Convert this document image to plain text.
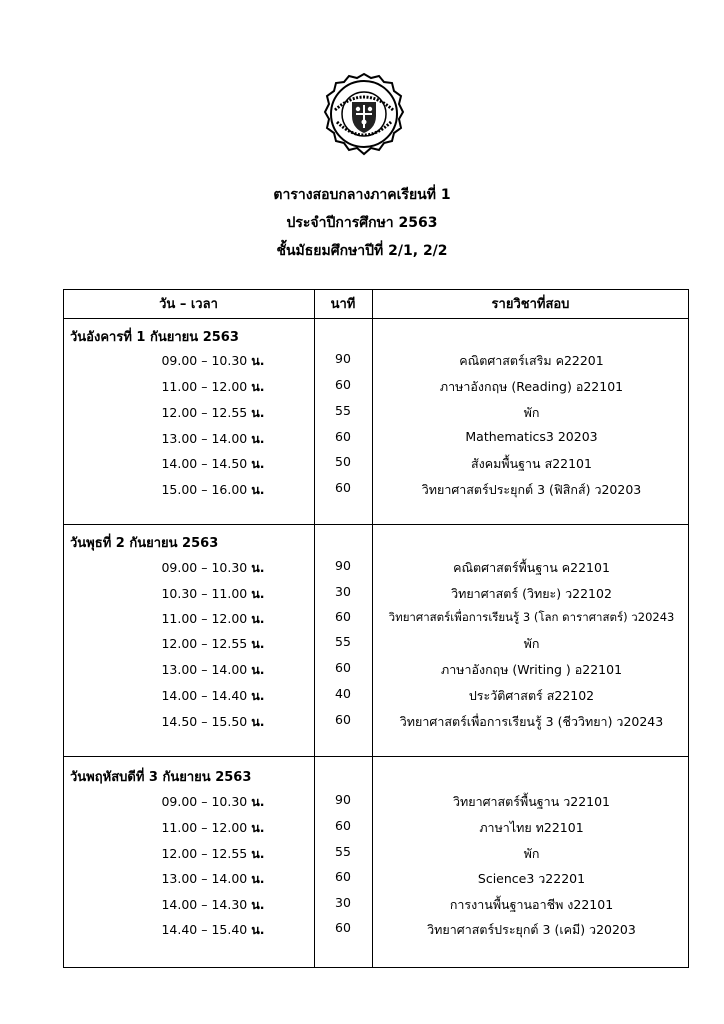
ตารางสอบกลางภาคเรียนที่ 1
ประจำปีการศึกษา 2563
ชั้นมัธยมศึกษาปีที่ 2/1, 2/2
วัน – เวลา	นาที	รายวิชาที่สอบ
วันอังคารที่ 1 กันยายน 2563
09.00 – 10.30 น.	90	คณิตศาสตร์เสริม ค22201
11.00 – 12.00 น.	60	ภาษาอังกฤษ (Reading) อ22101
12.00 – 12.55 น.	55	พัก
13.00 – 14.00 น.	60	Mathematics3 20203
14.00 – 14.50 น.	50	สังคมพื้นฐาน ส22101
15.00 – 16.00 น.	60	วิทยาศาสตร์ประยุกต์ 3 (ฟิสิกส์) ว20203
วันพุธที่ 2 กันยายน 2563
09.00 – 10.30 น.	90	คณิตศาสตร์พื้นฐาน ค22101
10.30 – 11.00 น.	30	วิทยาศาสตร์ (วิทยะ) ว22102
11.00 – 12.00 น.	60	วิทยาศาสตร์เพื่อการเรียนรู้ 3 (โลก ดาราศาสตร์) ว20243
12.00 – 12.55 น.	55	พัก
13.00 – 14.00 น.	60	ภาษาอังกฤษ (Writing ) อ22101
14.00 – 14.40 น.	40	ประวัติศาสตร์ ส22102
14.50 – 15.50 น.	60	วิทยาศาสตร์เพื่อการเรียนรู้ 3 (ชีววิทยา) ว20243
วันพฤหัสบดีที่ 3 กันยายน 2563
09.00 – 10.30 น.	90	วิทยาศาสตร์พื้นฐาน ว22101
11.00 – 12.00 น.	60	ภาษาไทย ท22101
12.00 – 12.55 น.	55	พัก
13.00 – 14.00 น.	60	Science3 ว22201
14.00 – 14.30 น.	30	การงานพื้นฐานอาชีพ ง22101
14.40 – 15.40 น.	60	วิทยาศาสตร์ประยุกต์ 3 (เคมี) ว20203
